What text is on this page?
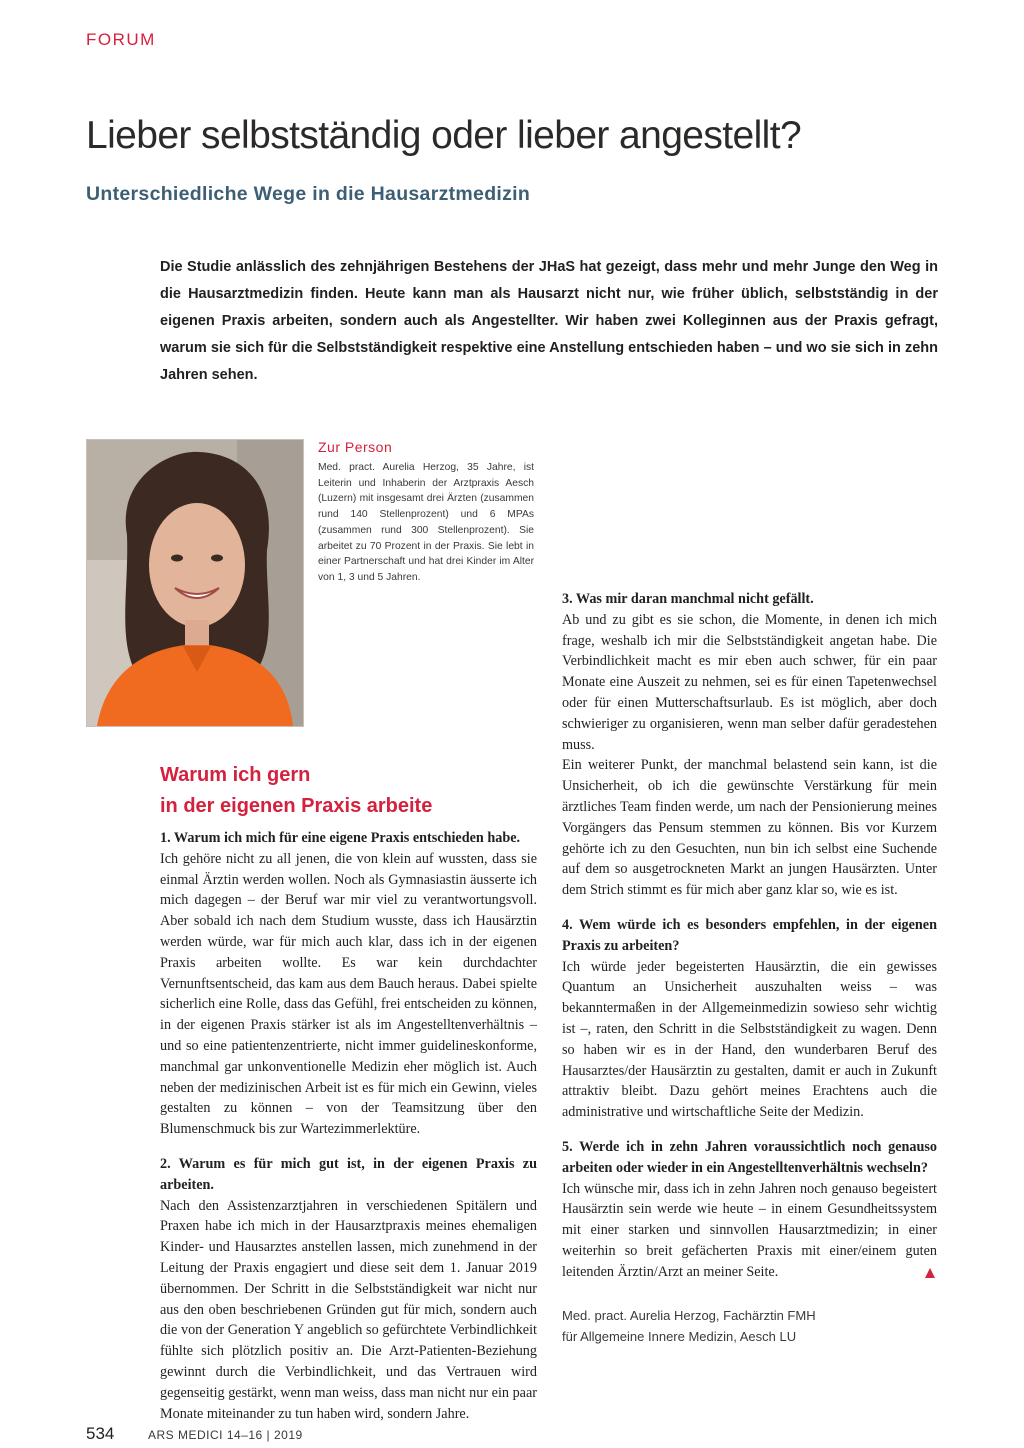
FORUM
Lieber selbstständig oder lieber angestellt?
Unterschiedliche Wege in die Hausarztmedizin
Die Studie anlässlich des zehnjährigen Bestehens der JHaS hat gezeigt, dass mehr und mehr Junge den Weg in die Hausarztmedizin finden. Heute kann man als Hausarzt nicht nur, wie früher üblich, selbstständig in der eigenen Praxis arbeiten, sondern auch als Angestellter. Wir haben zwei Kolleginnen aus der Praxis gefragt, warum sie sich für die Selbstständigkeit respektive eine Anstellung entschieden haben – und wo sie sich in zehn Jahren sehen.
Zur Person
Med. pract. Aurelia Herzog, 35 Jahre, ist Leiterin und Inhaberin der Arztpraxis Aesch (Luzern) mit insgesamt drei Ärzten (zusammen rund 140 Stellenprozent) und 6 MPAs (zusammen rund 300 Stellenprozent). Sie arbeitet zu 70 Prozent in der Praxis. Sie lebt in einer Partnerschaft und hat drei Kinder im Alter von 1, 3 und 5 Jahren.
Warum ich gern
in der eigenen Praxis arbeite

1. Warum ich mich für eine eigene Praxis entschieden habe.

Ich gehöre nicht zu all jenen, die von klein auf wussten, dass sie einmal Ärztin werden wollen. Noch als Gymnasiastin äusserte ich mich dagegen – der Beruf war mir viel zu verantwortungsvoll. Aber sobald ich nach dem Studium wusste, dass ich Hausärztin werden würde, war für mich auch klar, dass ich in der eigenen Praxis arbeiten wollte. Es war kein durchdachter Vernunftsentscheid, das kam aus dem Bauch heraus. Dabei spielte sicherlich eine Rolle, dass das Gefühl, frei entscheiden zu können, in der eigenen Praxis stärker ist als im Angestelltenverhältnis – und so eine patientenzentrierte, nicht immer guidelineskonforme, manchmal gar unkonventionelle Medizin eher möglich ist. Auch neben der medizinischen Arbeit ist es für mich ein Gewinn, vieles gestalten zu können – von der Teamsitzung über den Blumenschmuck bis zur Wartezimmerlektüre.

2. Warum es für mich gut ist, in der eigenen Praxis zu arbeiten.

Nach den Assistenzarztjahren in verschiedenen Spitälern und Praxen habe ich mich in der Hausarztpraxis meines ehemaligen Kinder- und Hausarztes anstellen lassen, mich zunehmend in der Leitung der Praxis engagiert und diese seit dem 1. Januar 2019 übernommen. Der Schritt in die Selbstständigkeit war nicht nur aus den oben beschriebenen Gründen gut für mich, sondern auch die von der Generation Y angeblich so gefürchtete Verbindlichkeit fühlte sich plötzlich positiv an. Die Arzt-Patienten-Beziehung gewinnt durch die Verbindlichkeit, und das Vertrauen wird gegenseitig gestärkt, wenn man weiss, dass man nicht nur ein paar Monate miteinander zu tun haben wird, sondern Jahre.

3. Was mir daran manchmal nicht gefällt.

Ab und zu gibt es sie schon, die Momente, in denen ich mich frage, weshalb ich mir die Selbstständigkeit angetan habe. Die Verbindlichkeit macht es mir eben auch schwer, für ein paar Monate eine Auszeit zu nehmen, sei es für einen Tapetenwechsel oder für einen Mutterschaftsurlaub. Es ist möglich, aber doch schwieriger zu organisieren, wenn man selber dafür geradestehen muss.

Ein weiterer Punkt, der manchmal belastend sein kann, ist die Unsicherheit, ob ich die gewünschte Verstärkung für mein ärztliches Team finden werde, um nach der Pensionierung meines Vorgängers das Pensum stemmen zu können. Bis vor Kurzem gehörte ich zu den Gesuchten, nun bin ich selbst eine Suchende auf dem so ausgetrockneten Markt an jungen Hausärzten. Unter dem Strich stimmt es für mich aber ganz klar so, wie es ist.

4. Wem würde ich es besonders empfehlen, in der eigenen Praxis zu arbeiten?

Ich würde jeder begeisterten Hausärztin, die ein gewisses Quantum an Unsicherheit auszuhalten weiss – was bekanntermaßen in der Allgemeinmedizin sowieso sehr wichtig ist –, raten, den Schritt in die Selbstständigkeit zu wagen. Denn so haben wir es in der Hand, den wunderbaren Beruf des Hausarztes/der Hausärztin zu gestalten, damit er auch in Zukunft attraktiv bleibt. Dazu gehört meines Erachtens auch die administrative und wirtschaftliche Seite der Medizin.

5. Werde ich in zehn Jahren voraussichtlich noch genauso arbeiten oder wieder in ein Angestelltenverhältnis wechseln?

Ich wünsche mir, dass ich in zehn Jahren noch genauso begeistert Hausärztin sein werde wie heute – in einem Gesundheitssystem mit einer starken und sinnvollen Hausarztmedizin; in einer weiterhin so breit gefächerten Praxis mit einer/einem guten leitenden Ärztin/Arzt an meiner Seite.

Med. pract. Aurelia Herzog, Fachärztin FMH
für Allgemeine Innere Medizin, Aesch LU
534	ARS MEDICI 14–16 | 2019
